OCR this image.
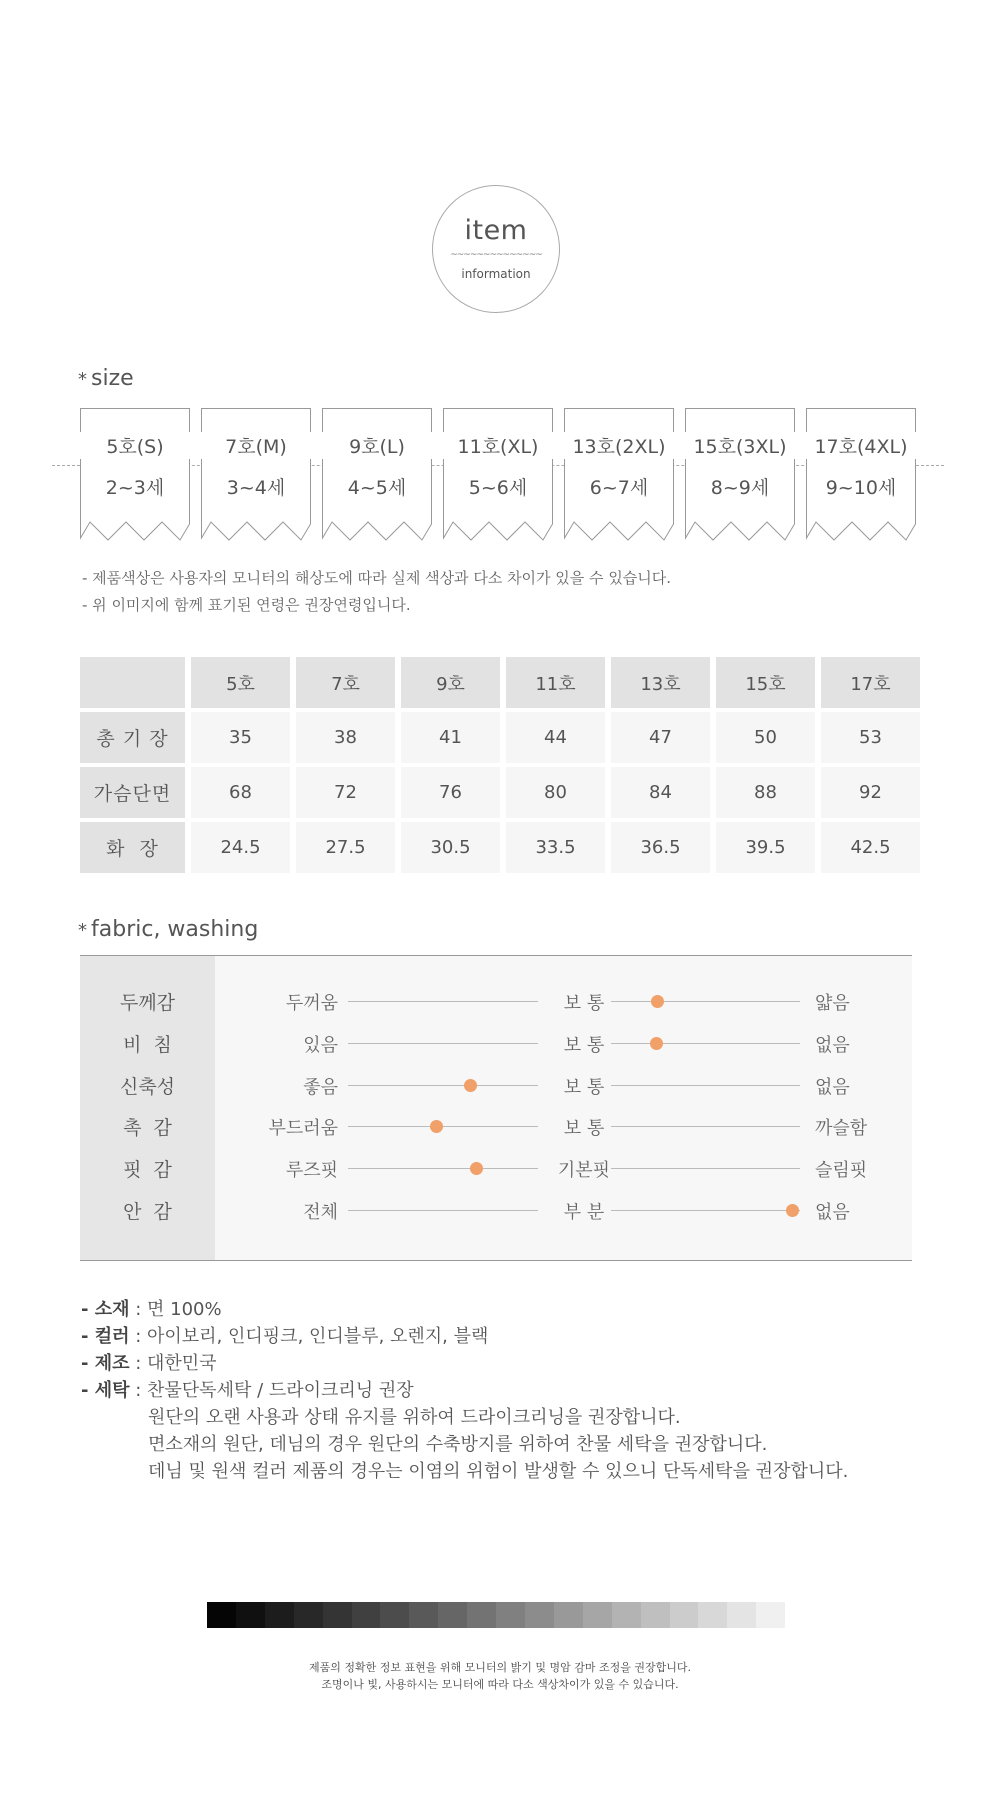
item
~~~~~~~~~~~~~~
information
* size
5호(S)
2~3세
7호(M)
3~4세
9호(L)
4~5세
11호(XL)
5~6세
13호(2XL)
6~7세
15호(3XL)
8~9세
17호(4XL)
9~10세
- 제품색상은 사용자의 모니터의 해상도에 따라 실제 색상과 다소 차이가 있을 수 있습니다.
- 위 이미지에 함께 표기된 연령은 권장연령입니다.
	5호	7호	9호	11호	13호	15호	17호
총 기 장	35	38	41	44	47	50	53
가슴단면	68	72	76	80	84	88	92
화  장	24.5	27.5	30.5	33.5	36.5	39.5	42.5
* fabric, washing
두께감	두꺼움	보 통	얇음
비  침	있음	보 통	없음
신축성	좋음	보 통	없음
촉  감	부드러움	보 통	까슬함
핏  감	루즈핏	기본핏	슬림핏
안  감	전체	부 분	없음
- 소재 : 면 100%
- 컬러 : 아이보리, 인디핑크, 인디블루, 오렌지, 블랙
- 제조 : 대한민국
- 세탁 : 찬물단독세탁 / 드라이크리닝 권장
원단의 오랜 사용과 상태 유지를 위하여 드라이크리닝을 권장합니다.
면소재의 원단, 데님의 경우 원단의 수축방지를 위하여 찬물 세탁을 권장합니다.
데님 및 원색 컬러 제품의 경우는 이염의 위험이 발생할 수 있으니 단독세탁을 권장합니다.
제품의 정확한 정보 표현을 위해 모니터의 밝기 및 명암 감마 조정을 권장합니다.
조명이나 빛, 사용하시는 모니터에 따라 다소 색상차이가 있을 수 있습니다.
